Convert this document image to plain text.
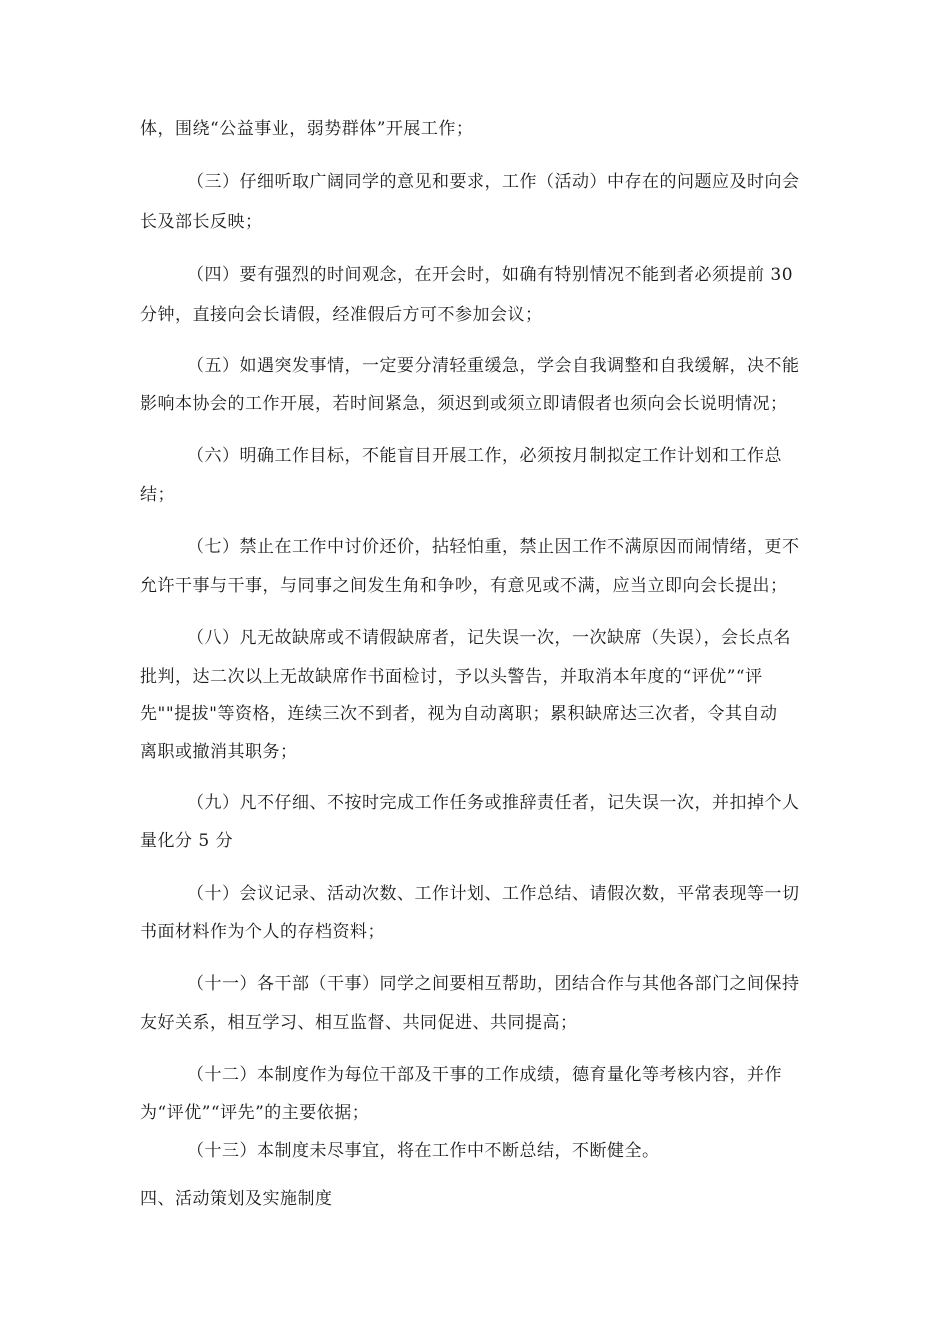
体，围绕“公益事业，弱势群体”开展工作；
（三）仔细听取广阔同学的意见和要求，工作（活动）中存在的问题应及时向会
长及部长反映；
（四）要有强烈的时间观念，在开会时，如确有特别情况不能到者必须提前 30
分钟，直接向会长请假，经准假后方可不参加会议；
（五）如遇突发事情，一定要分清轻重缓急，学会自我调整和自我缓解，决不能
影响本协会的工作开展，若时间紧急，须迟到或须立即请假者也须向会长说明情况；
（六）明确工作目标，不能盲目开展工作，必须按月制拟定工作计划和工作总
结；
（七）禁止在工作中讨价还价，拈轻怕重，禁止因工作不满原因而闹情绪，更不
允许干事与干事，与同事之间发生角和争吵，有意见或不满，应当立即向会长提出；
（八）凡无故缺席或不请假缺席者，记失误一次，一次缺席（失误），会长点名
批判，达二次以上无故缺席作书面检讨，予以头警告，并取消本年度的“评优”“评
先""提拔"等资格，连续三次不到者，视为自动离职；累积缺席达三次者，令其自动
离职或撤消其职务；
（九）凡不仔细、不按时完成工作任务或推辞责任者，记失误一次，并扣掉个人
量化分 5 分
（十）会议记录、活动次数、工作计划、工作总结、请假次数，平常表现等一切
书面材料作为个人的存档资料；
（十一）各干部（干事）同学之间要相互帮助，团结合作与其他各部门之间保持
友好关系，相互学习、相互监督、共同促进、共同提高；
（十二）本制度作为每位干部及干事的工作成绩，德育量化等考核内容，并作
为“评优”“评先”的主要依据；
（十三）本制度未尽事宜，将在工作中不断总结，不断健全。
四、活动策划及实施制度
